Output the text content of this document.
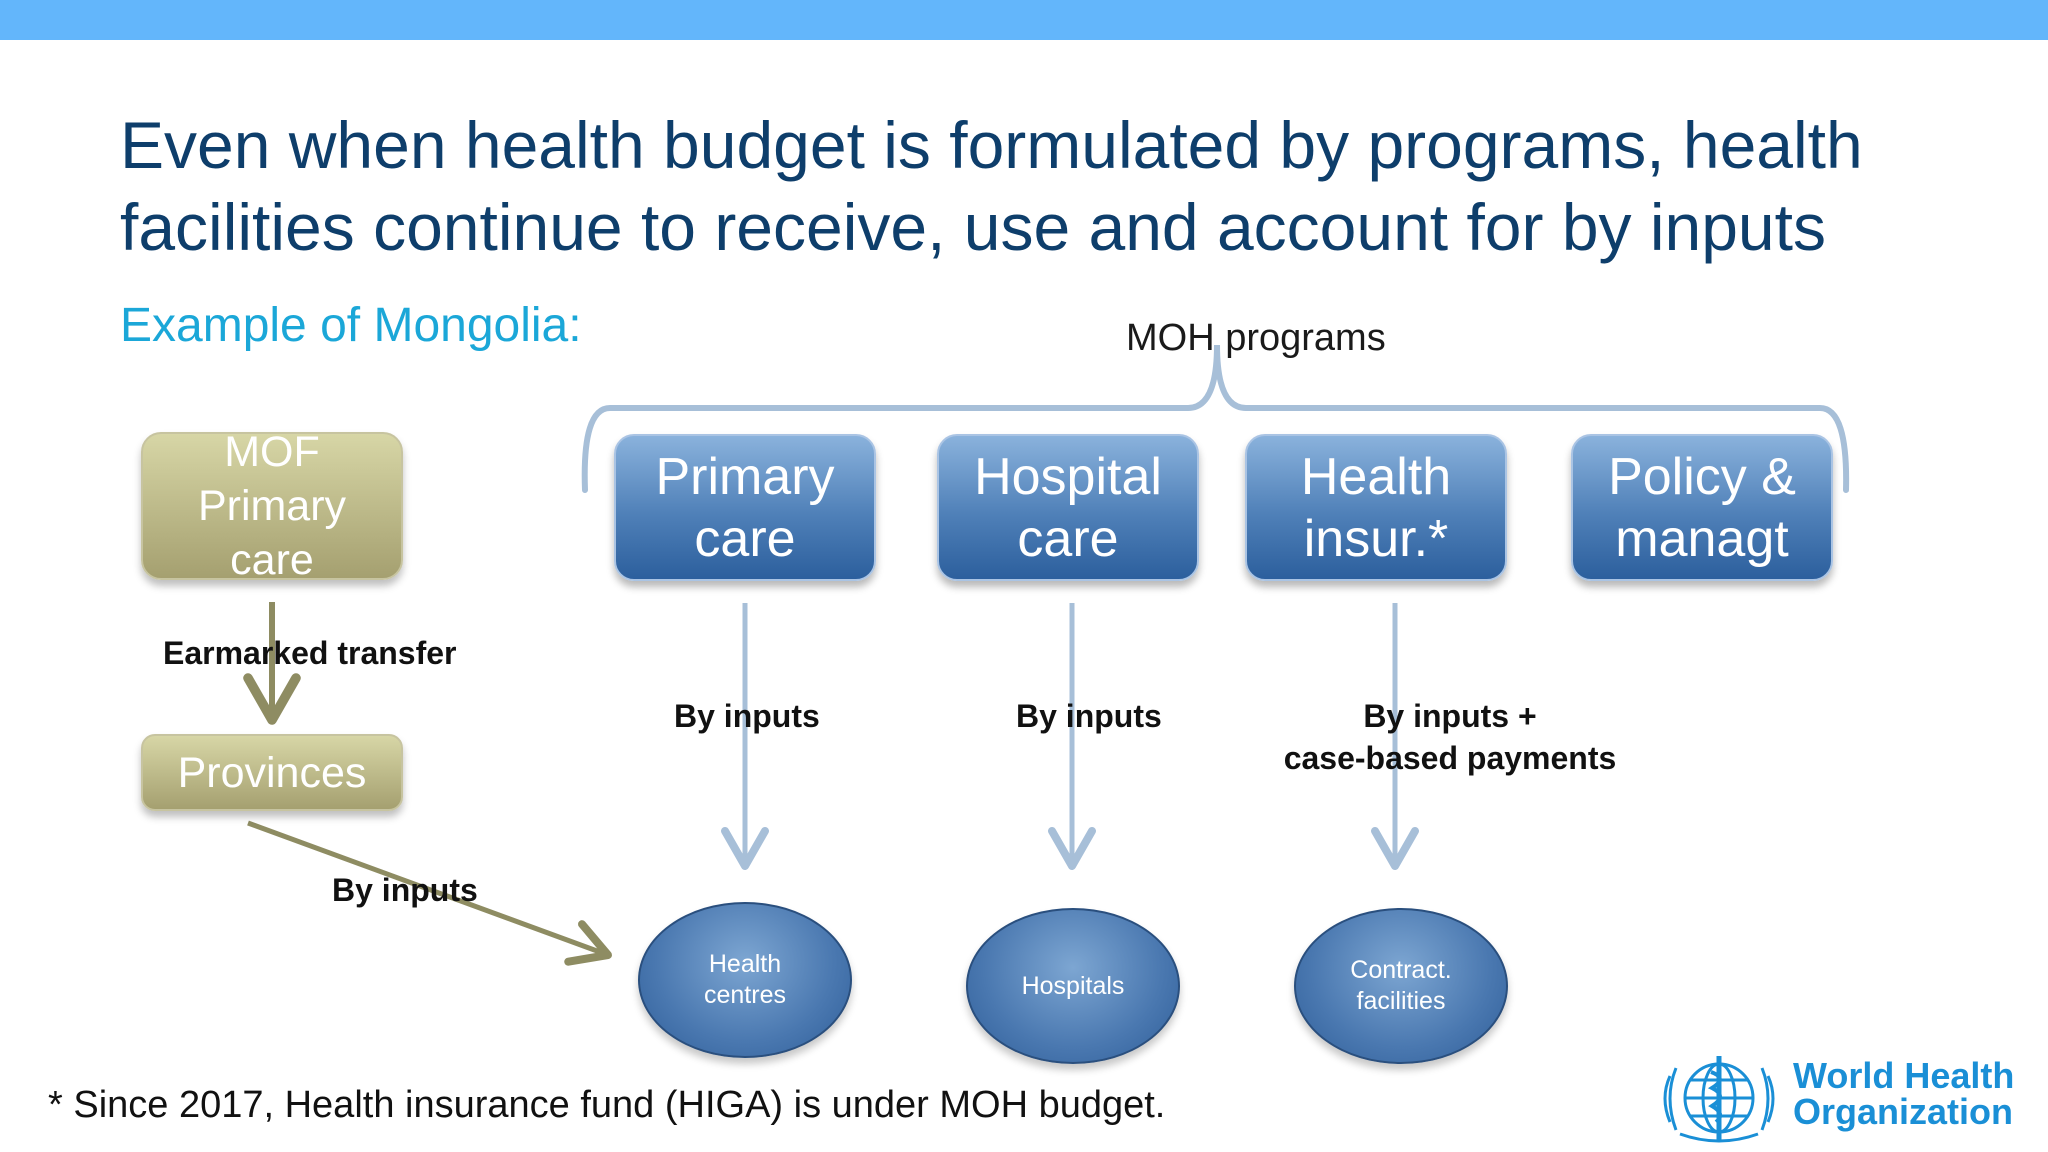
Even when health budget is formulated by programs, health facilities continue to receive, use and account for by inputs
Example of Mongolia:	MOH programs
MOF
Primary
care
Provinces
Earmarked transfer
By inputs
Primary
care
Hospital
care
Health
insur.*
Policy &
managt
By inputs	By inputs	By inputs +
case-based payments
Health
centres	Hospitals
Contract.
facilities
* Since 2017, Health insurance fund (HIGA) is under MOH budget.
World Health
Organization
